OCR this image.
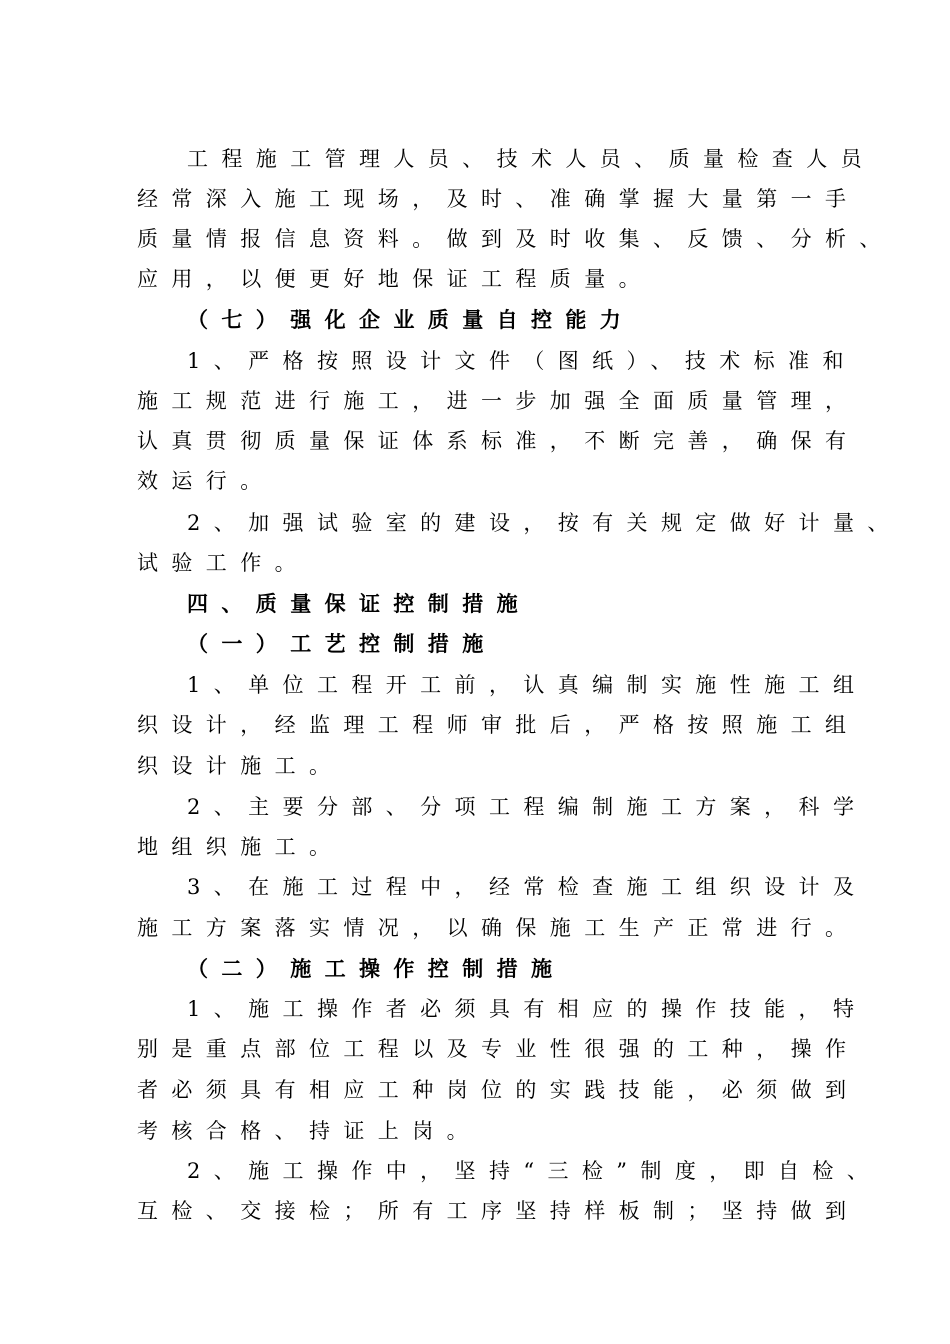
工程施工管理人员、技术人员、质量检查人员
经常深入施工现场，及时、准确掌握大量第一手
质量情报信息资料。做到及时收集、反馈、分析、
应用，以便更好地保证工程质量。
（七）强化企业质量自控能力
1、严格按照设计文件（图纸）、技术标准和
施工规范进行施工，进一步加强全面质量管理，
认真贯彻质量保证体系标准，不断完善，确保有
效运行。
2、加强试验室的建设，按有关规定做好计量、
试验工作。
四、质量保证控制措施
（一）工艺控制措施
1、单位工程开工前，认真编制实施性施工组
织设计，经监理工程师审批后，严格按照施工组
织设计施工。
2、主要分部、分项工程编制施工方案，科学
地组织施工。
3、在施工过程中，经常检查施工组织设计及
施工方案落实情况，以确保施工生产正常进行。
（二）施工操作控制措施
1、施工操作者必须具有相应的操作技能，特
别是重点部位工程以及专业性很强的工种，操作
者必须具有相应工种岗位的实践技能，必须做到
考核合格、持证上岗。
2、施工操作中，坚持“三检”制度，即自检、
互检、交接检；所有工序坚持样板制；坚持做到
